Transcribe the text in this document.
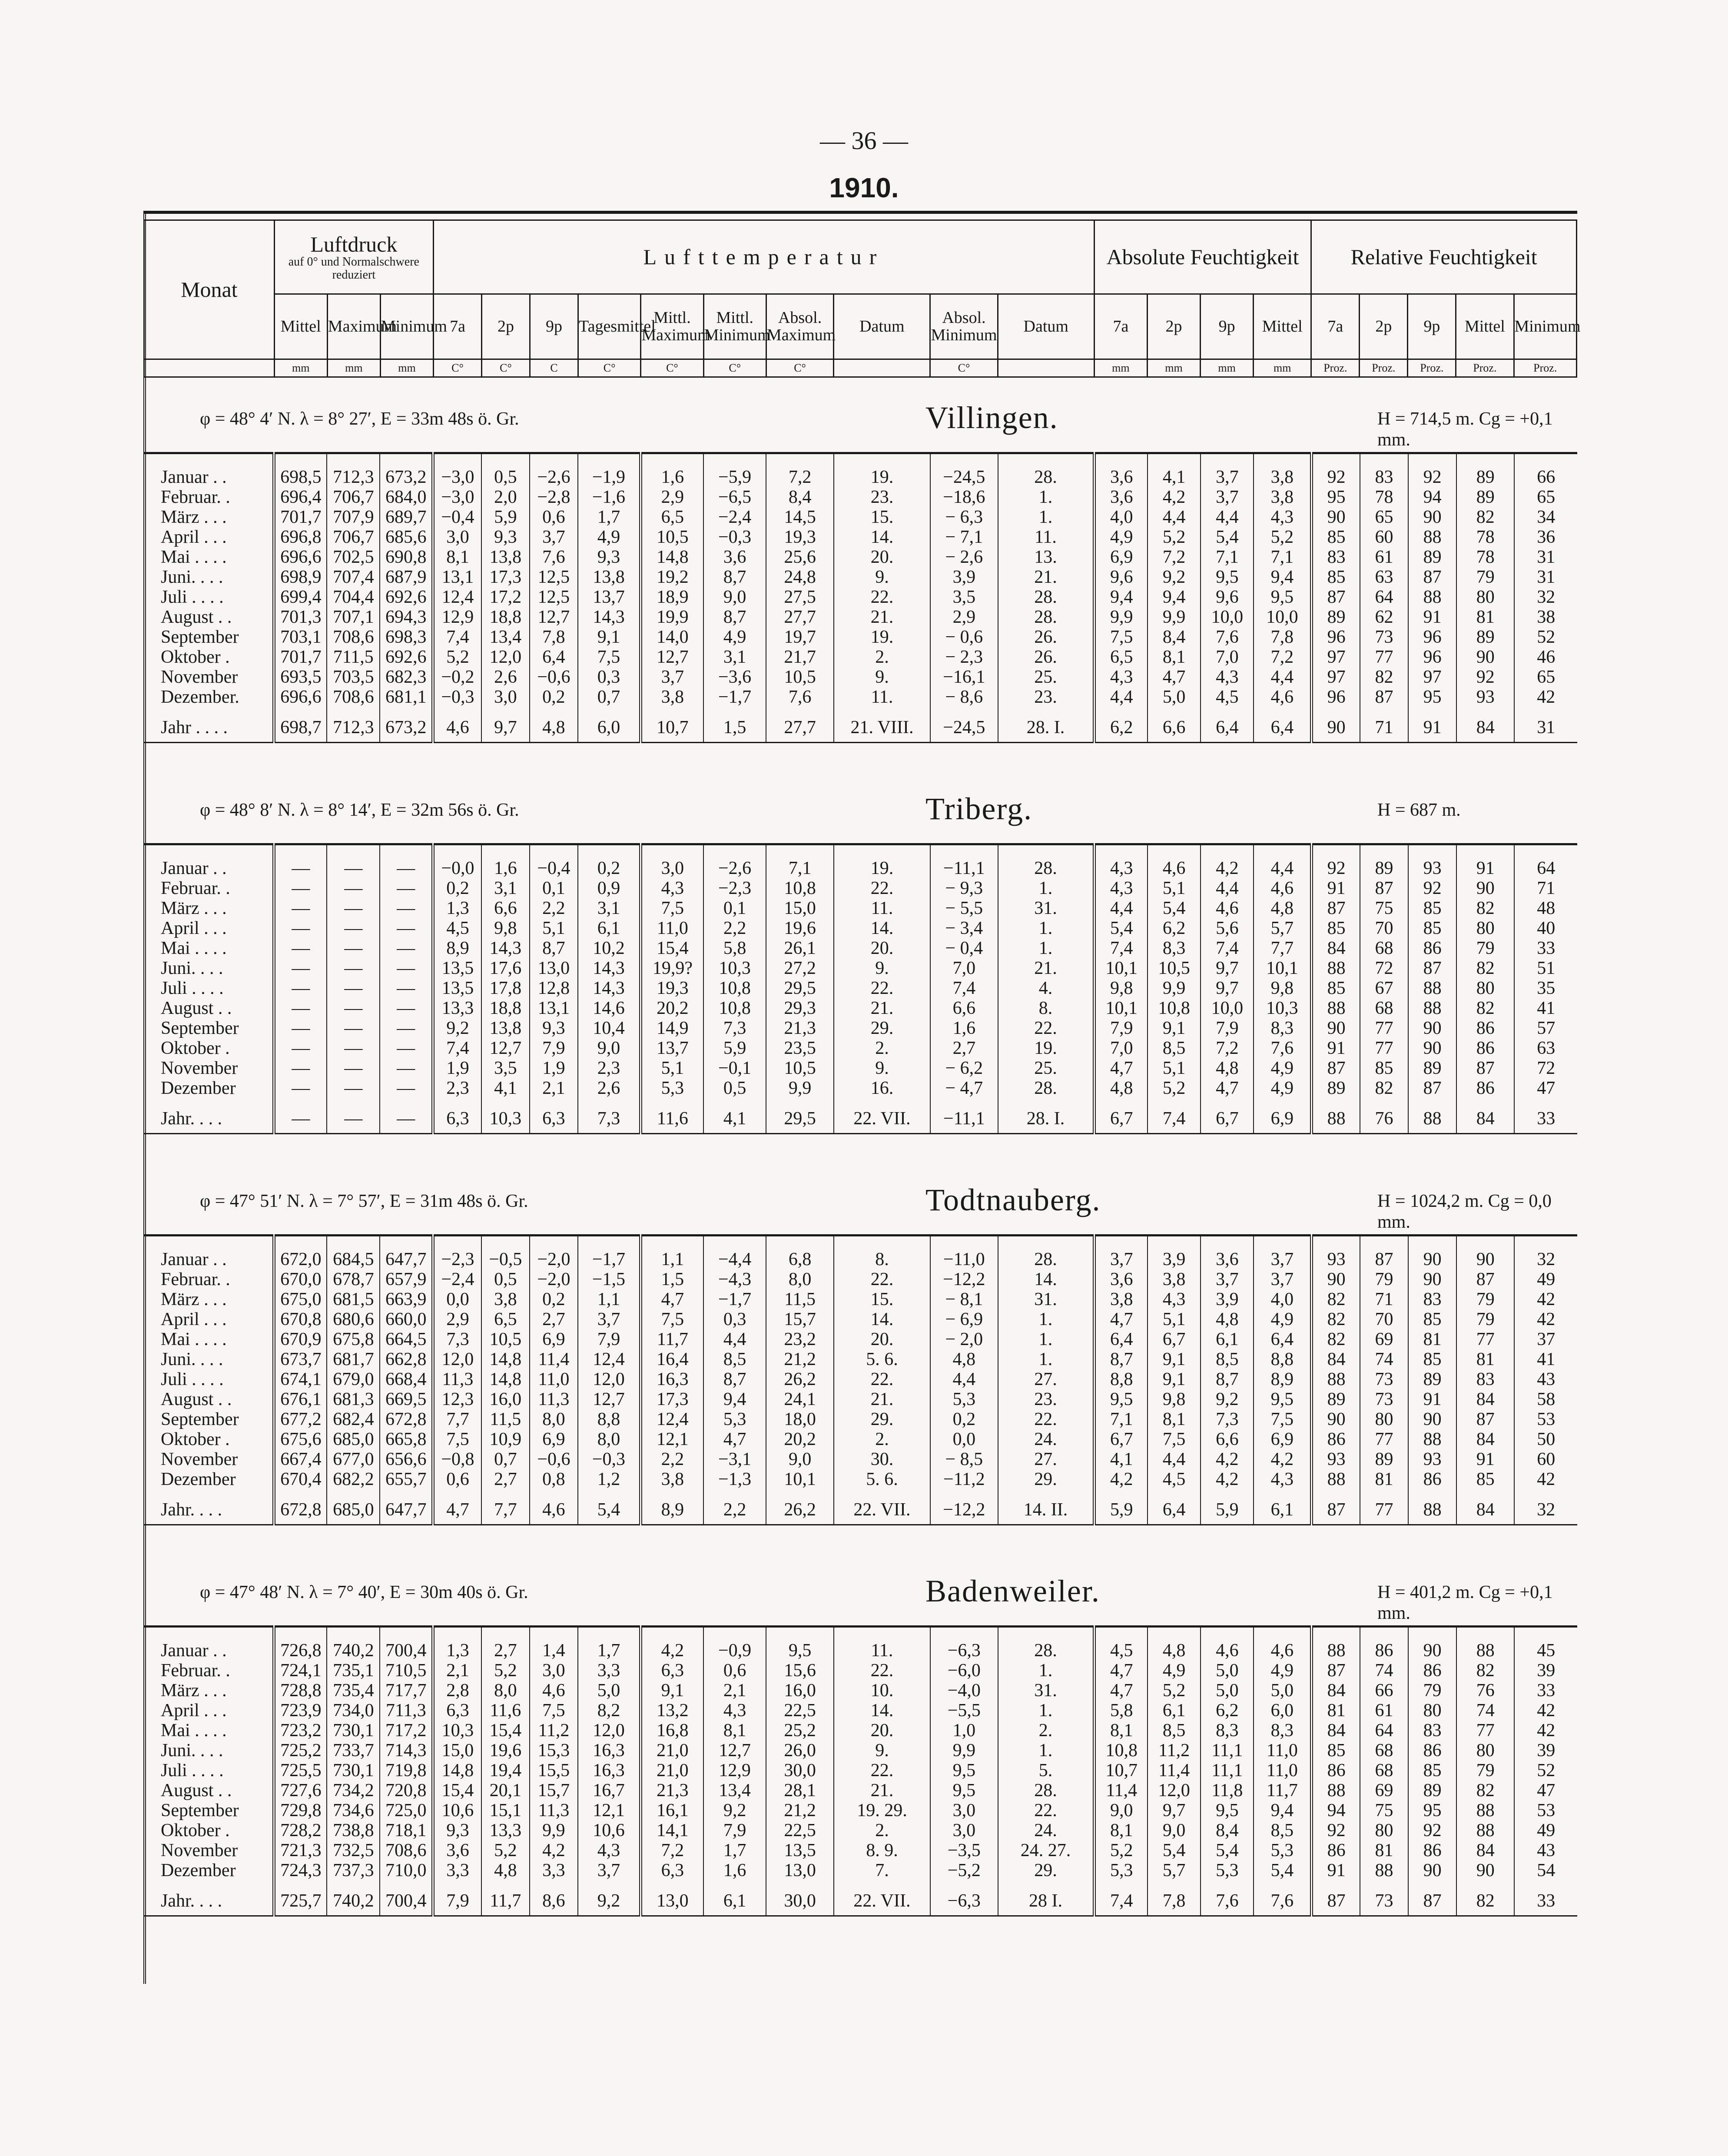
— 36 —
1910.
Monat	Luftdruck
auf 0° und Normalschwere reduziert			Lufttemperatur										Absolute Feuchtigkeit				Relative Feuchtigkeit				
	Mittel	Maximum	Minimum	7a	2p	9p	Tagesmittel	Mittl. Maximum	Mittl. Minimum	Absol. Maximum	Datum	Absol. Minimum	Datum	7a	2p	9p	Mittel	7a	2p	9p	Mittel	Minimum
	mm	mm	mm	C°	C°	C	C°	C°	C°	C°		C°		mm	mm	mm	mm	Proz.	Proz.	Proz.	Proz.	Proz.
φ = 48° 4′ N. λ = 8° 27′, E = 33m 48s ö. Gr.	Villingen.	H = 714,5 m. Cg = +0,1 mm.
Januar . .	698,5	712,3	673,2	−3,0	0,5	−2,6	−1,9	1,6	−5,9	7,2	19.	−24,5	28.	3,6	4,1	3,7	3,8	92	83	92	89	66
Februar. .	696,4	706,7	684,0	−3,0	2,0	−2,8	−1,6	2,9	−6,5	8,4	23.	−18,6	1.	3,6	4,2	3,7	3,8	95	78	94	89	65
März . . .	701,7	707,9	689,7	−0,4	5,9	0,6	1,7	6,5	−2,4	14,5	15.	− 6,3	1.	4,0	4,4	4,4	4,3	90	65	90	82	34
April . . .	696,8	706,7	685,6	3,0	9,3	3,7	4,9	10,5	−0,3	19,3	14.	− 7,1	11.	4,9	5,2	5,4	5,2	85	60	88	78	36
Mai . . . .	696,6	702,5	690,8	8,1	13,8	7,6	9,3	14,8	3,6	25,6	20.	− 2,6	13.	6,9	7,2	7,1	7,1	83	61	89	78	31
Juni. . . .	698,9	707,4	687,9	13,1	17,3	12,5	13,8	19,2	8,7	24,8	9.	3,9	21.	9,6	9,2	9,5	9,4	85	63	87	79	31
Juli . . . .	699,4	704,4	692,6	12,4	17,2	12,5	13,7	18,9	9,0	27,5	22.	3,5	28.	9,4	9,4	9,6	9,5	87	64	88	80	32
August . .	701,3	707,1	694,3	12,9	18,8	12,7	14,3	19,9	8,7	27,7	21.	2,9	28.	9,9	9,9	10,0	10,0	89	62	91	81	38
September	703,1	708,6	698,3	7,4	13,4	7,8	9,1	14,0	4,9	19,7	19.	− 0,6	26.	7,5	8,4	7,6	7,8	96	73	96	89	52
Oktober .	701,7	711,5	692,6	5,2	12,0	6,4	7,5	12,7	3,1	21,7	2.	− 2,3	26.	6,5	8,1	7,0	7,2	97	77	96	90	46
November	693,5	703,5	682,3	−0,2	2,6	−0,6	0,3	3,7	−3,6	10,5	9.	−16,1	25.	4,3	4,7	4,3	4,4	97	82	97	92	65
Dezember.	696,6	708,6	681,1	−0,3	3,0	0,2	0,7	3,8	−1,7	7,6	11.	− 8,6	23.	4,4	5,0	4,5	4,6	96	87	95	93	42
Jahr . . . .	698,7	712,3	673,2	4,6	9,7	4,8	6,0	10,7	1,5	27,7	21. VIII.	−24,5	28. I.	6,2	6,6	6,4	6,4	90	71	91	84	31
φ = 48° 8′ N. λ = 8° 14′, E = 32m 56s ö. Gr.	Triberg.	H = 687 m.
Januar . .	—	—	—	−0,0	1,6	−0,4	0,2	3,0	−2,6	7,1	19.	−11,1	28.	4,3	4,6	4,2	4,4	92	89	93	91	64
Februar. .	—	—	—	0,2	3,1	0,1	0,9	4,3	−2,3	10,8	22.	− 9,3	1.	4,3	5,1	4,4	4,6	91	87	92	90	71
März . . .	—	—	—	1,3	6,6	2,2	3,1	7,5	0,1	15,0	11.	− 5,5	31.	4,4	5,4	4,6	4,8	87	75	85	82	48
April . . .	—	—	—	4,5	9,8	5,1	6,1	11,0	2,2	19,6	14.	− 3,4	1.	5,4	6,2	5,6	5,7	85	70	85	80	40
Mai . . . .	—	—	—	8,9	14,3	8,7	10,2	15,4	5,8	26,1	20.	− 0,4	1.	7,4	8,3	7,4	7,7	84	68	86	79	33
Juni. . . .	—	—	—	13,5	17,6	13,0	14,3	19,9?	10,3	27,2	9.	7,0	21.	10,1	10,5	9,7	10,1	88	72	87	82	51
Juli . . . .	—	—	—	13,5	17,8	12,8	14,3	19,3	10,8	29,5	22.	7,4	4.	9,8	9,9	9,7	9,8	85	67	88	80	35
August . .	—	—	—	13,3	18,8	13,1	14,6	20,2	10,8	29,3	21.	6,6	8.	10,1	10,8	10,0	10,3	88	68	88	82	41
September	—	—	—	9,2	13,8	9,3	10,4	14,9	7,3	21,3	29.	1,6	22.	7,9	9,1	7,9	8,3	90	77	90	86	57
Oktober .	—	—	—	7,4	12,7	7,9	9,0	13,7	5,9	23,5	2.	2,7	19.	7,0	8,5	7,2	7,6	91	77	90	86	63
November	—	—	—	1,9	3,5	1,9	2,3	5,1	−0,1	10,5	9.	− 6,2	25.	4,7	5,1	4,8	4,9	87	85	89	87	72
Dezember	—	—	—	2,3	4,1	2,1	2,6	5,3	0,5	9,9	16.	− 4,7	28.	4,8	5,2	4,7	4,9	89	82	87	86	47
Jahr. . . .	—	—	—	6,3	10,3	6,3	7,3	11,6	4,1	29,5	22. VII.	−11,1	28. I.	6,7	7,4	6,7	6,9	88	76	88	84	33
φ = 47° 51′ N. λ = 7° 57′, E = 31m 48s ö. Gr.	Todtnauberg.	H = 1024,2 m. Cg = 0,0 mm.
Januar . .	672,0	684,5	647,7	−2,3	−0,5	−2,0	−1,7	1,1	−4,4	6,8	8.	−11,0	28.	3,7	3,9	3,6	3,7	93	87	90	90	32
Februar. .	670,0	678,7	657,9	−2,4	0,5	−2,0	−1,5	1,5	−4,3	8,0	22.	−12,2	14.	3,6	3,8	3,7	3,7	90	79	90	87	49
März . . .	675,0	681,5	663,9	0,0	3,8	0,2	1,1	4,7	−1,7	11,5	15.	− 8,1	31.	3,8	4,3	3,9	4,0	82	71	83	79	42
April . . .	670,8	680,6	660,0	2,9	6,5	2,7	3,7	7,5	0,3	15,7	14.	− 6,9	1.	4,7	5,1	4,8	4,9	82	70	85	79	42
Mai . . . .	670,9	675,8	664,5	7,3	10,5	6,9	7,9	11,7	4,4	23,2	20.	− 2,0	1.	6,4	6,7	6,1	6,4	82	69	81	77	37
Juni. . . .	673,7	681,7	662,8	12,0	14,8	11,4	12,4	16,4	8,5	21,2	5. 6.	4,8	1.	8,7	9,1	8,5	8,8	84	74	85	81	41
Juli . . . .	674,1	679,0	668,4	11,3	14,8	11,0	12,0	16,3	8,7	26,2	22.	4,4	27.	8,8	9,1	8,7	8,9	88	73	89	83	43
August . .	676,1	681,3	669,5	12,3	16,0	11,3	12,7	17,3	9,4	24,1	21.	5,3	23.	9,5	9,8	9,2	9,5	89	73	91	84	58
September	677,2	682,4	672,8	7,7	11,5	8,0	8,8	12,4	5,3	18,0	29.	0,2	22.	7,1	8,1	7,3	7,5	90	80	90	87	53
Oktober .	675,6	685,0	665,8	7,5	10,9	6,9	8,0	12,1	4,7	20,2	2.	0,0	24.	6,7	7,5	6,6	6,9	86	77	88	84	50
November	667,4	677,0	656,6	−0,8	0,7	−0,6	−0,3	2,2	−3,1	9,0	30.	− 8,5	27.	4,1	4,4	4,2	4,2	93	89	93	91	60
Dezember	670,4	682,2	655,7	0,6	2,7	0,8	1,2	3,8	−1,3	10,1	5. 6.	−11,2	29.	4,2	4,5	4,2	4,3	88	81	86	85	42
Jahr. . . .	672,8	685,0	647,7	4,7	7,7	4,6	5,4	8,9	2,2	26,2	22. VII.	−12,2	14. II.	5,9	6,4	5,9	6,1	87	77	88	84	32
φ = 47° 48′ N. λ = 7° 40′, E = 30m 40s ö. Gr.	Badenweiler.	H = 401,2 m. Cg = +0,1 mm.
Januar . .	726,8	740,2	700,4	1,3	2,7	1,4	1,7	4,2	−0,9	9,5	11.	−6,3	28.	4,5	4,8	4,6	4,6	88	86	90	88	45
Februar. .	724,1	735,1	710,5	2,1	5,2	3,0	3,3	6,3	0,6	15,6	22.	−6,0	1.	4,7	4,9	5,0	4,9	87	74	86	82	39
März . . .	728,8	735,4	717,7	2,8	8,0	4,6	5,0	9,1	2,1	16,0	10.	−4,0	31.	4,7	5,2	5,0	5,0	84	66	79	76	33
April . . .	723,9	734,0	711,3	6,3	11,6	7,5	8,2	13,2	4,3	22,5	14.	−5,5	1.	5,8	6,1	6,2	6,0	81	61	80	74	42
Mai . . . .	723,2	730,1	717,2	10,3	15,4	11,2	12,0	16,8	8,1	25,2	20.	1,0	2.	8,1	8,5	8,3	8,3	84	64	83	77	42
Juni. . . .	725,2	733,7	714,3	15,0	19,6	15,3	16,3	21,0	12,7	26,0	9.	9,9	1.	10,8	11,2	11,1	11,0	85	68	86	80	39
Juli . . . .	725,5	730,1	719,8	14,8	19,4	15,5	16,3	21,0	12,9	30,0	22.	9,5	5.	10,7	11,4	11,1	11,0	86	68	85	79	52
August . .	727,6	734,2	720,8	15,4	20,1	15,7	16,7	21,3	13,4	28,1	21.	9,5	28.	11,4	12,0	11,8	11,7	88	69	89	82	47
September	729,8	734,6	725,0	10,6	15,1	11,3	12,1	16,1	9,2	21,2	19. 29.	3,0	22.	9,0	9,7	9,5	9,4	94	75	95	88	53
Oktober .	728,2	738,8	718,1	9,3	13,3	9,9	10,6	14,1	7,9	22,5	2.	3,0	24.	8,1	9,0	8,4	8,5	92	80	92	88	49
November	721,3	732,5	708,6	3,6	5,2	4,2	4,3	7,2	1,7	13,5	8. 9.	−3,5	24. 27.	5,2	5,4	5,4	5,3	86	81	86	84	43
Dezember	724,3	737,3	710,0	3,3	4,8	3,3	3,7	6,3	1,6	13,0	7.	−5,2	29.	5,3	5,7	5,3	5,4	91	88	90	90	54
Jahr. . . .	725,7	740,2	700,4	7,9	11,7	8,6	9,2	13,0	6,1	30,0	22. VII.	−6,3	28 I.	7,4	7,8	7,6	7,6	87	73	87	82	33
